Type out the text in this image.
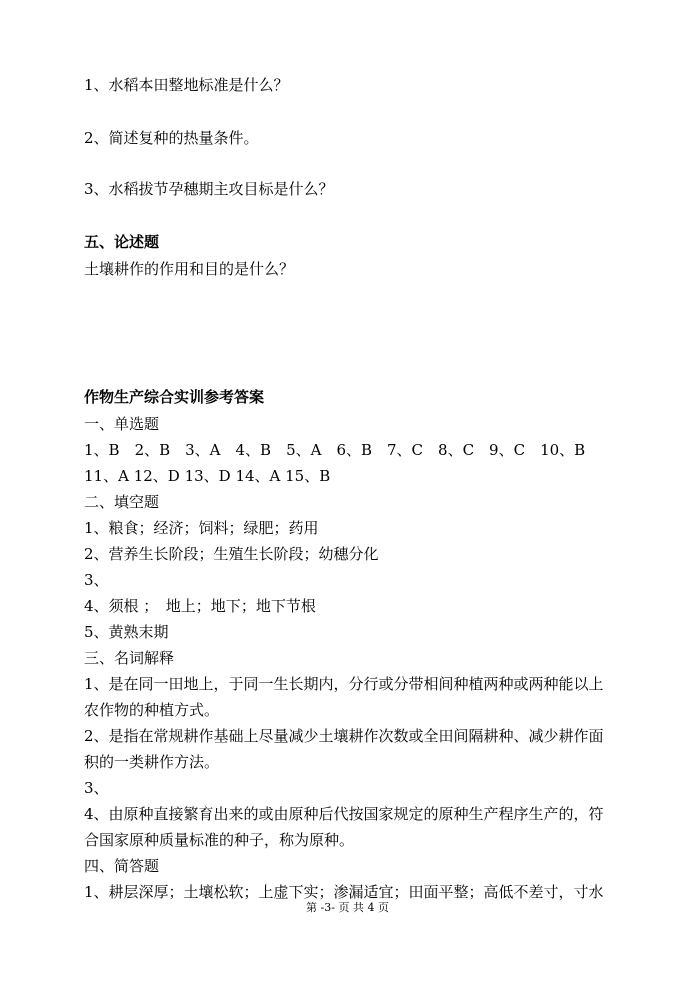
1、水稻本田整地标准是什么？
2、简述复种的热量条件。
3、水稻拔节孕穗期主攻目标是什么？
五、论述题
土壤耕作的作用和目的是什么？
作物生产综合实训参考答案
一、单选题
1、B　2、B　3、A　4、B　5、A　6、B　7、C　8、C　9、C　10、B
11、A 12、D 13、D 14、A 15、B
二、填空题
1、粮食；经济；饲料；绿肥；药用
2、营养生长阶段；生殖生长阶段；幼穗分化
3、
4、须根 ；　地上；地下；地下节根
5、黄熟末期
三、名词解释
1、是在同一田地上，于同一生长期内，分行或分带相间种植两种或两种能以上
农作物的种植方式。
2、是指在常规耕作基础上尽量减少土壤耕作次数或全田间隔耕种、减少耕作面
积的一类耕作方法。
3、
4、由原种直接繁育出来的或由原种后代按国家规定的原种生产程序生产的，符
合国家原种质量标准的种子，称为原种。
四、简答题
1、耕层深厚；土壤松软；上虚下实；渗漏适宜；田面平整；高低不差寸，寸水
第 -3- 页 共 4 页
